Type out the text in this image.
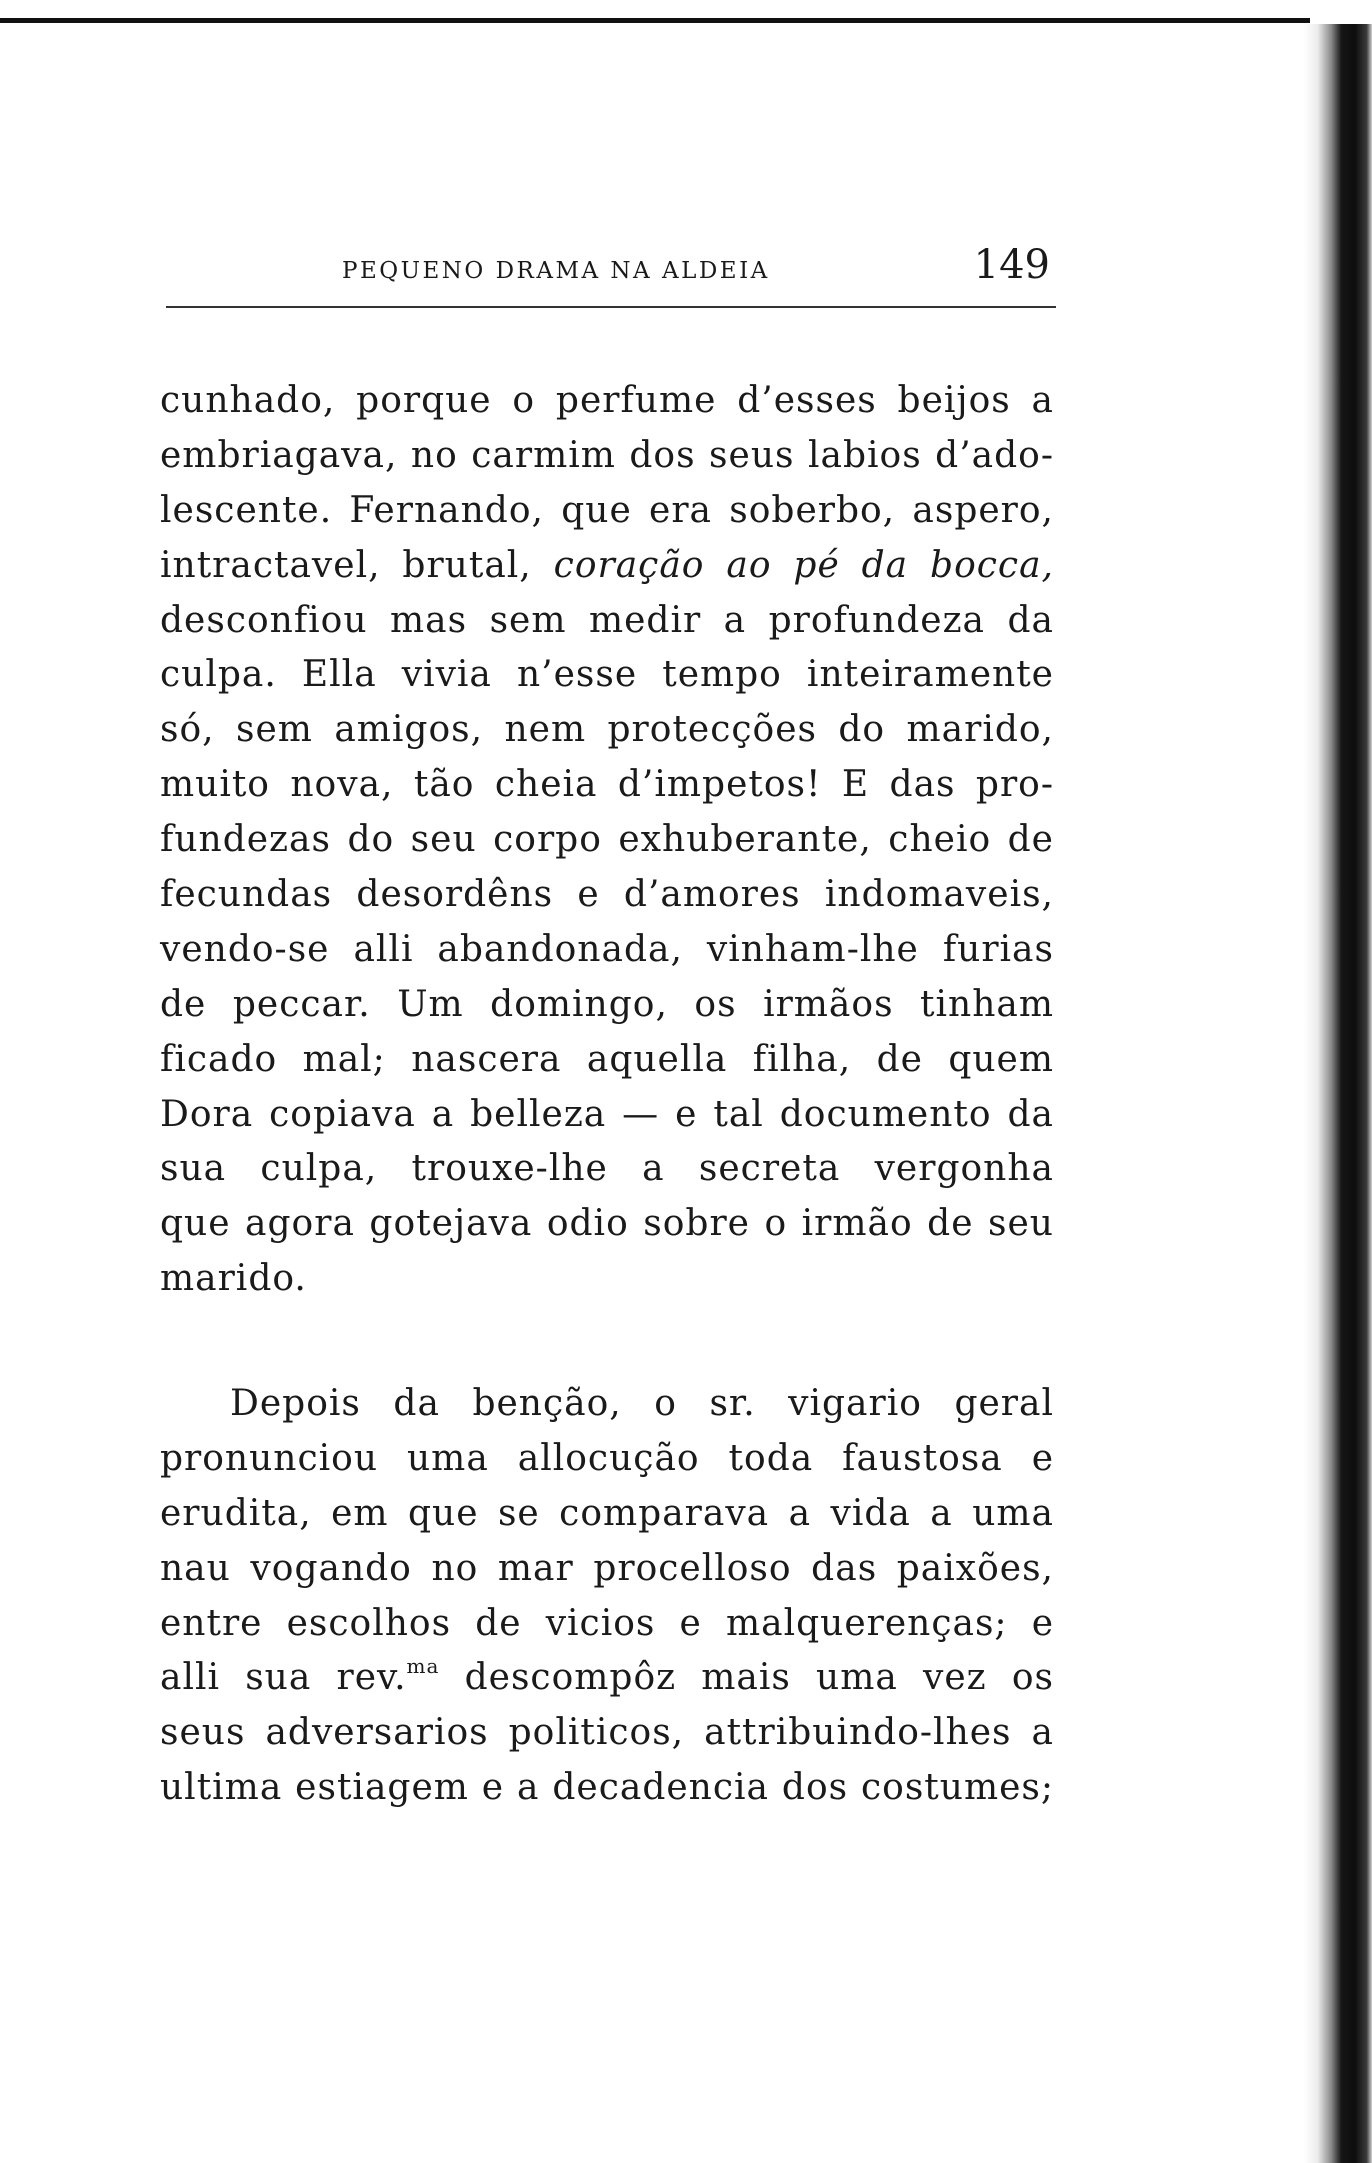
PEQUENO DRAMA NA ALDEIA	149
cunhado, porque o perfume d’esses beijos a
embriagava, no carmim dos seus labios d’ado-
lescente. Fernando, que era soberbo, aspero,
intractavel, brutal, coração ao pé da bocca,
desconfiou mas sem medir a profundeza da
culpa. Ella vivia n’esse tempo inteiramente
só, sem amigos, nem protecções do marido,
muito nova, tão cheia d’impetos! E das pro-
fundezas do seu corpo exhuberante, cheio de
fecundas desordêns e d’amores indomaveis,
vendo-se alli abandonada, vinham-lhe furias
de peccar. Um domingo, os irmãos tinham
ficado mal; nascera aquella filha, de quem
Dora copiava a belleza — e tal documento da
sua culpa, trouxe-lhe a secreta vergonha
que agora gotejava odio sobre o irmão de seu
marido.
Depois da benção, o sr. vigario geral
pronunciou uma allocução toda faustosa e
erudita, em que se comparava a vida a uma
nau vogando no mar procelloso das paixões,
entre escolhos de vicios e malquerenças; e
alli sua rev.$^{ma}$ descompôz mais uma vez os
seus adversarios politicos, attribuindo-lhes a
ultima estiagem e a decadencia dos costumes;
